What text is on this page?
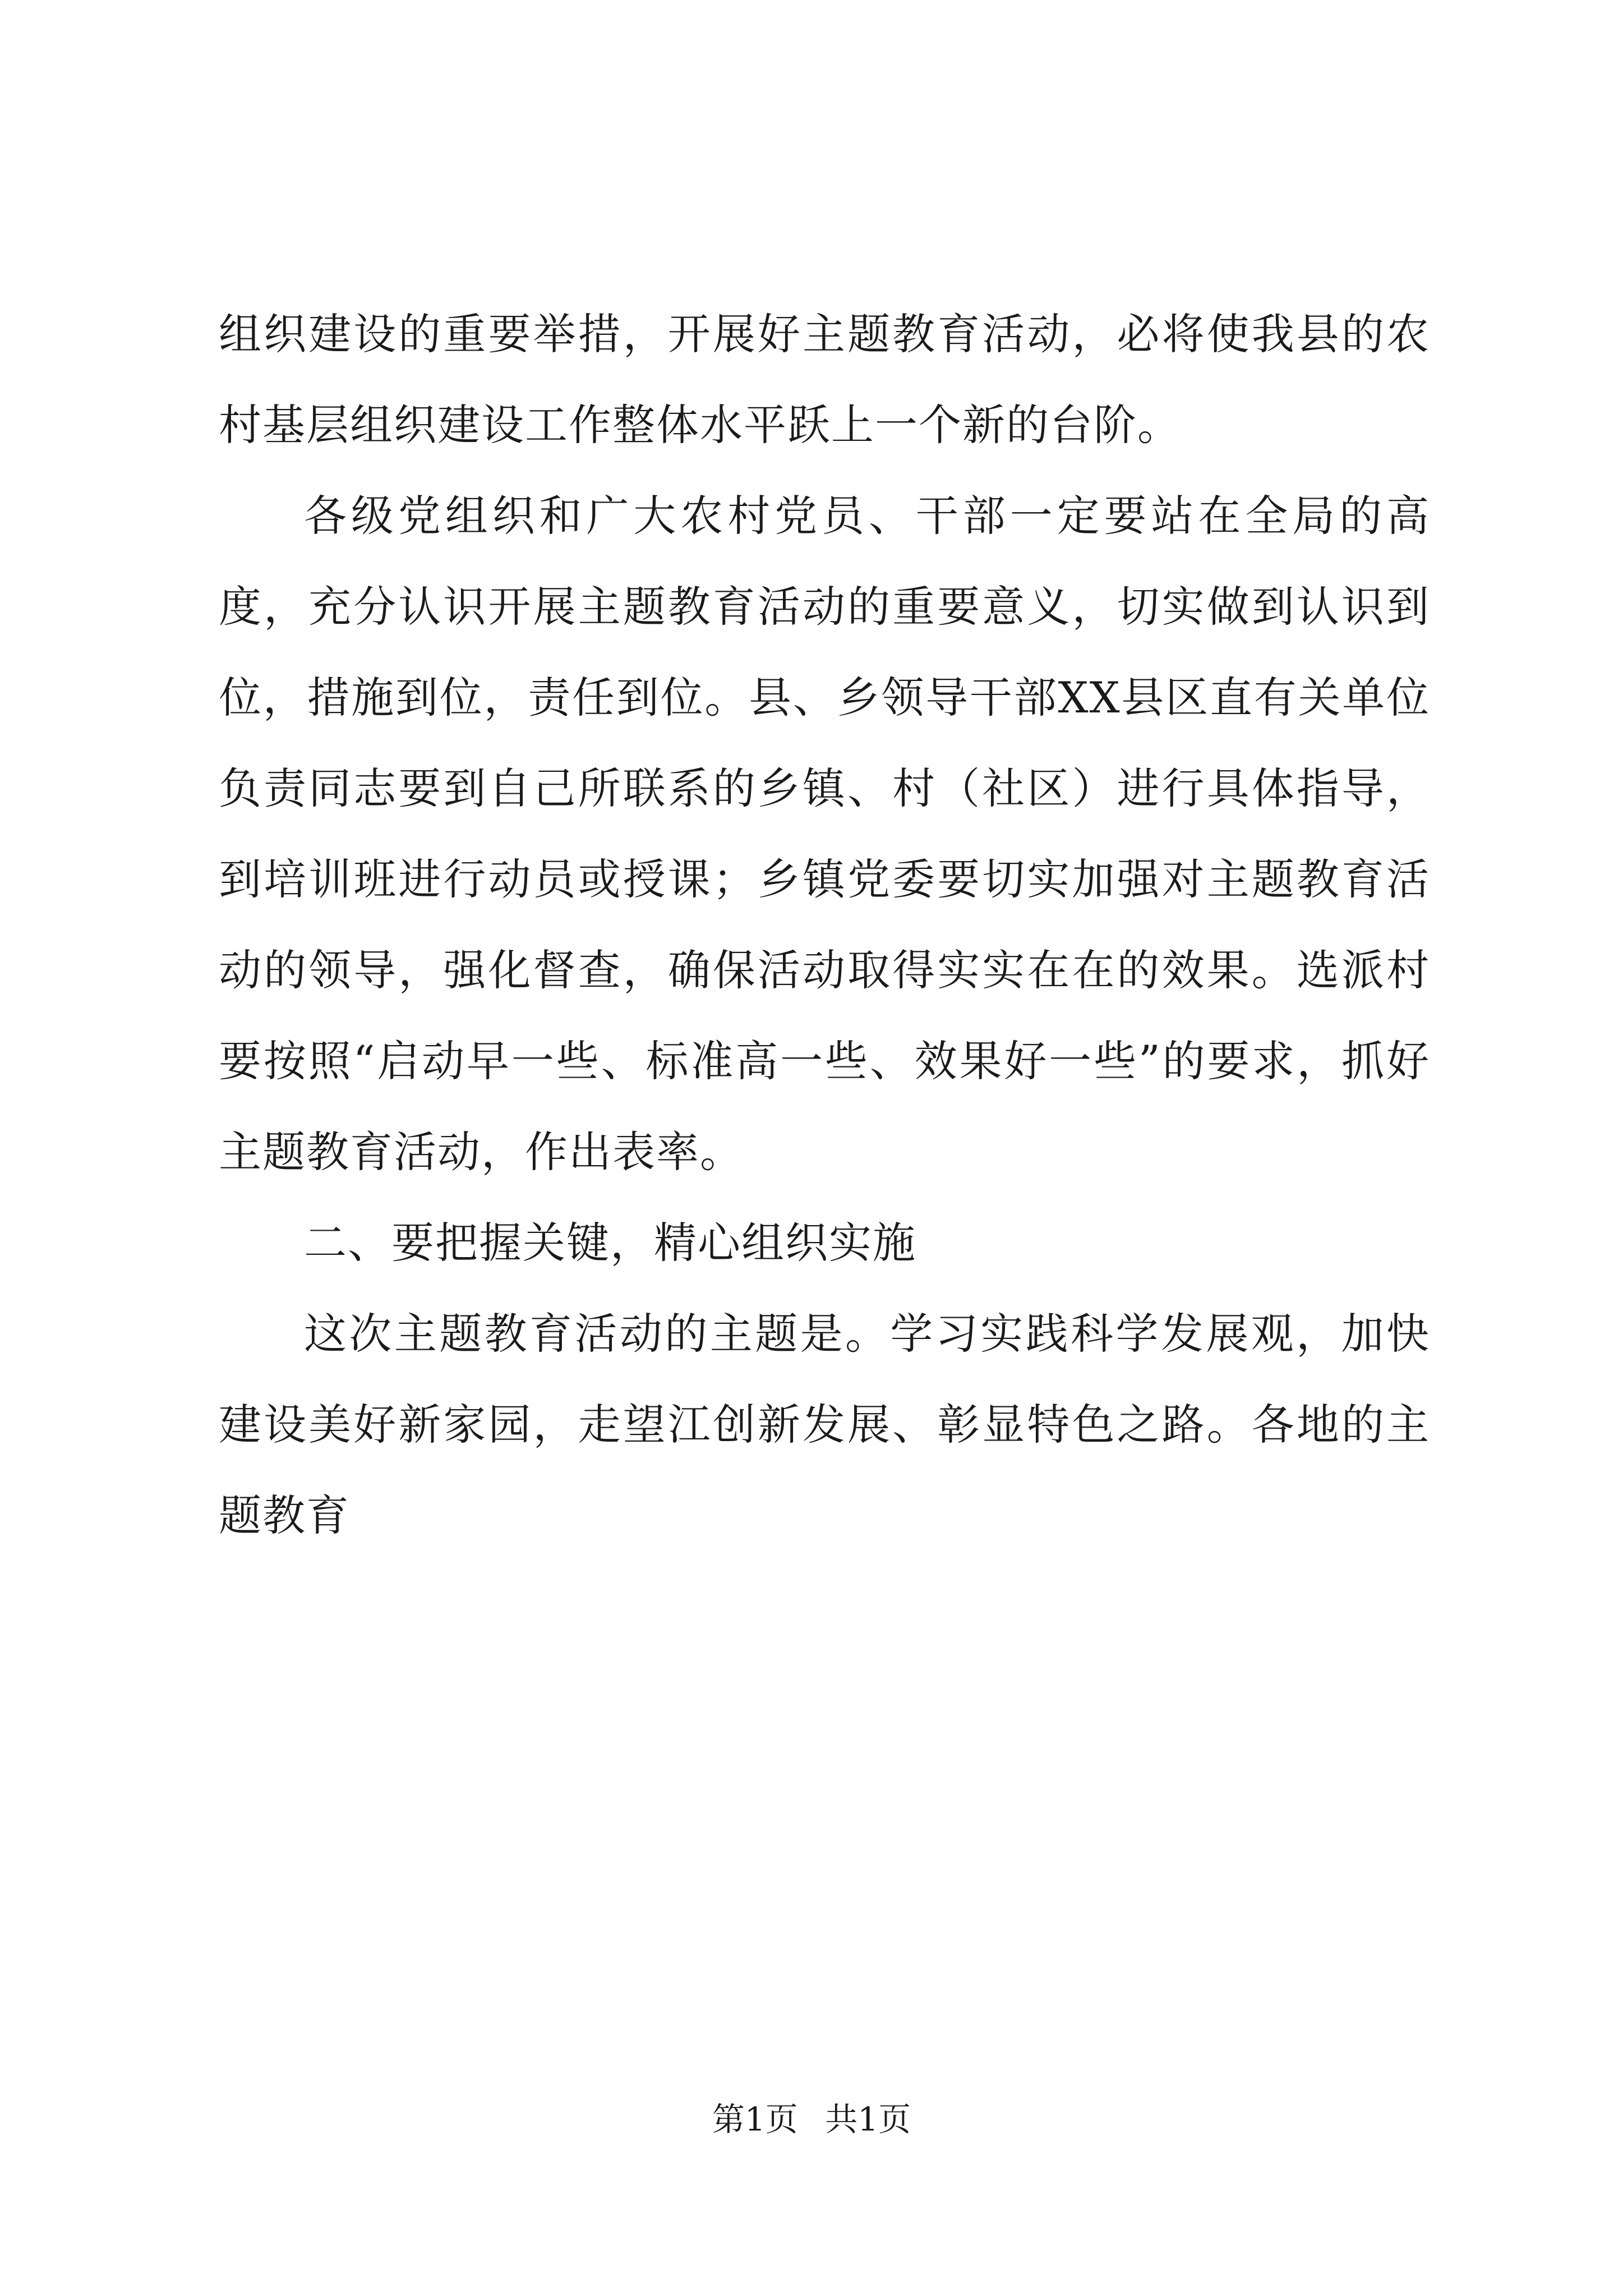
组织建设的重要举措，开展好主题教育活动，必将使我县的农村基层组织建设工作整体水平跃上一个新的台阶。

各级党组织和广大农村党员、干部一定要站在全局的高度，充分认识开展主题教育活动的重要意义，切实做到认识到位，措施到位，责任到位。县、乡领导干部XX县区直有关单位负责同志要到自己所联系的乡镇、村（社区）进行具体指导，到培训班进行动员或授课；乡镇党委要切实加强对主题教育活动的领导，强化督查，确保活动取得实实在在的效果。选派村要按照“启动早一些、标准高一些、效果好一些”的要求，抓好主题教育活动，作出表率。

二、要把握关键，精心组织实施

这次主题教育活动的主题是。学习实践科学发展观，加快建设美好新家园，走望江创新发展、彰显特色之路。各地的主题教育

第1页 共1页
